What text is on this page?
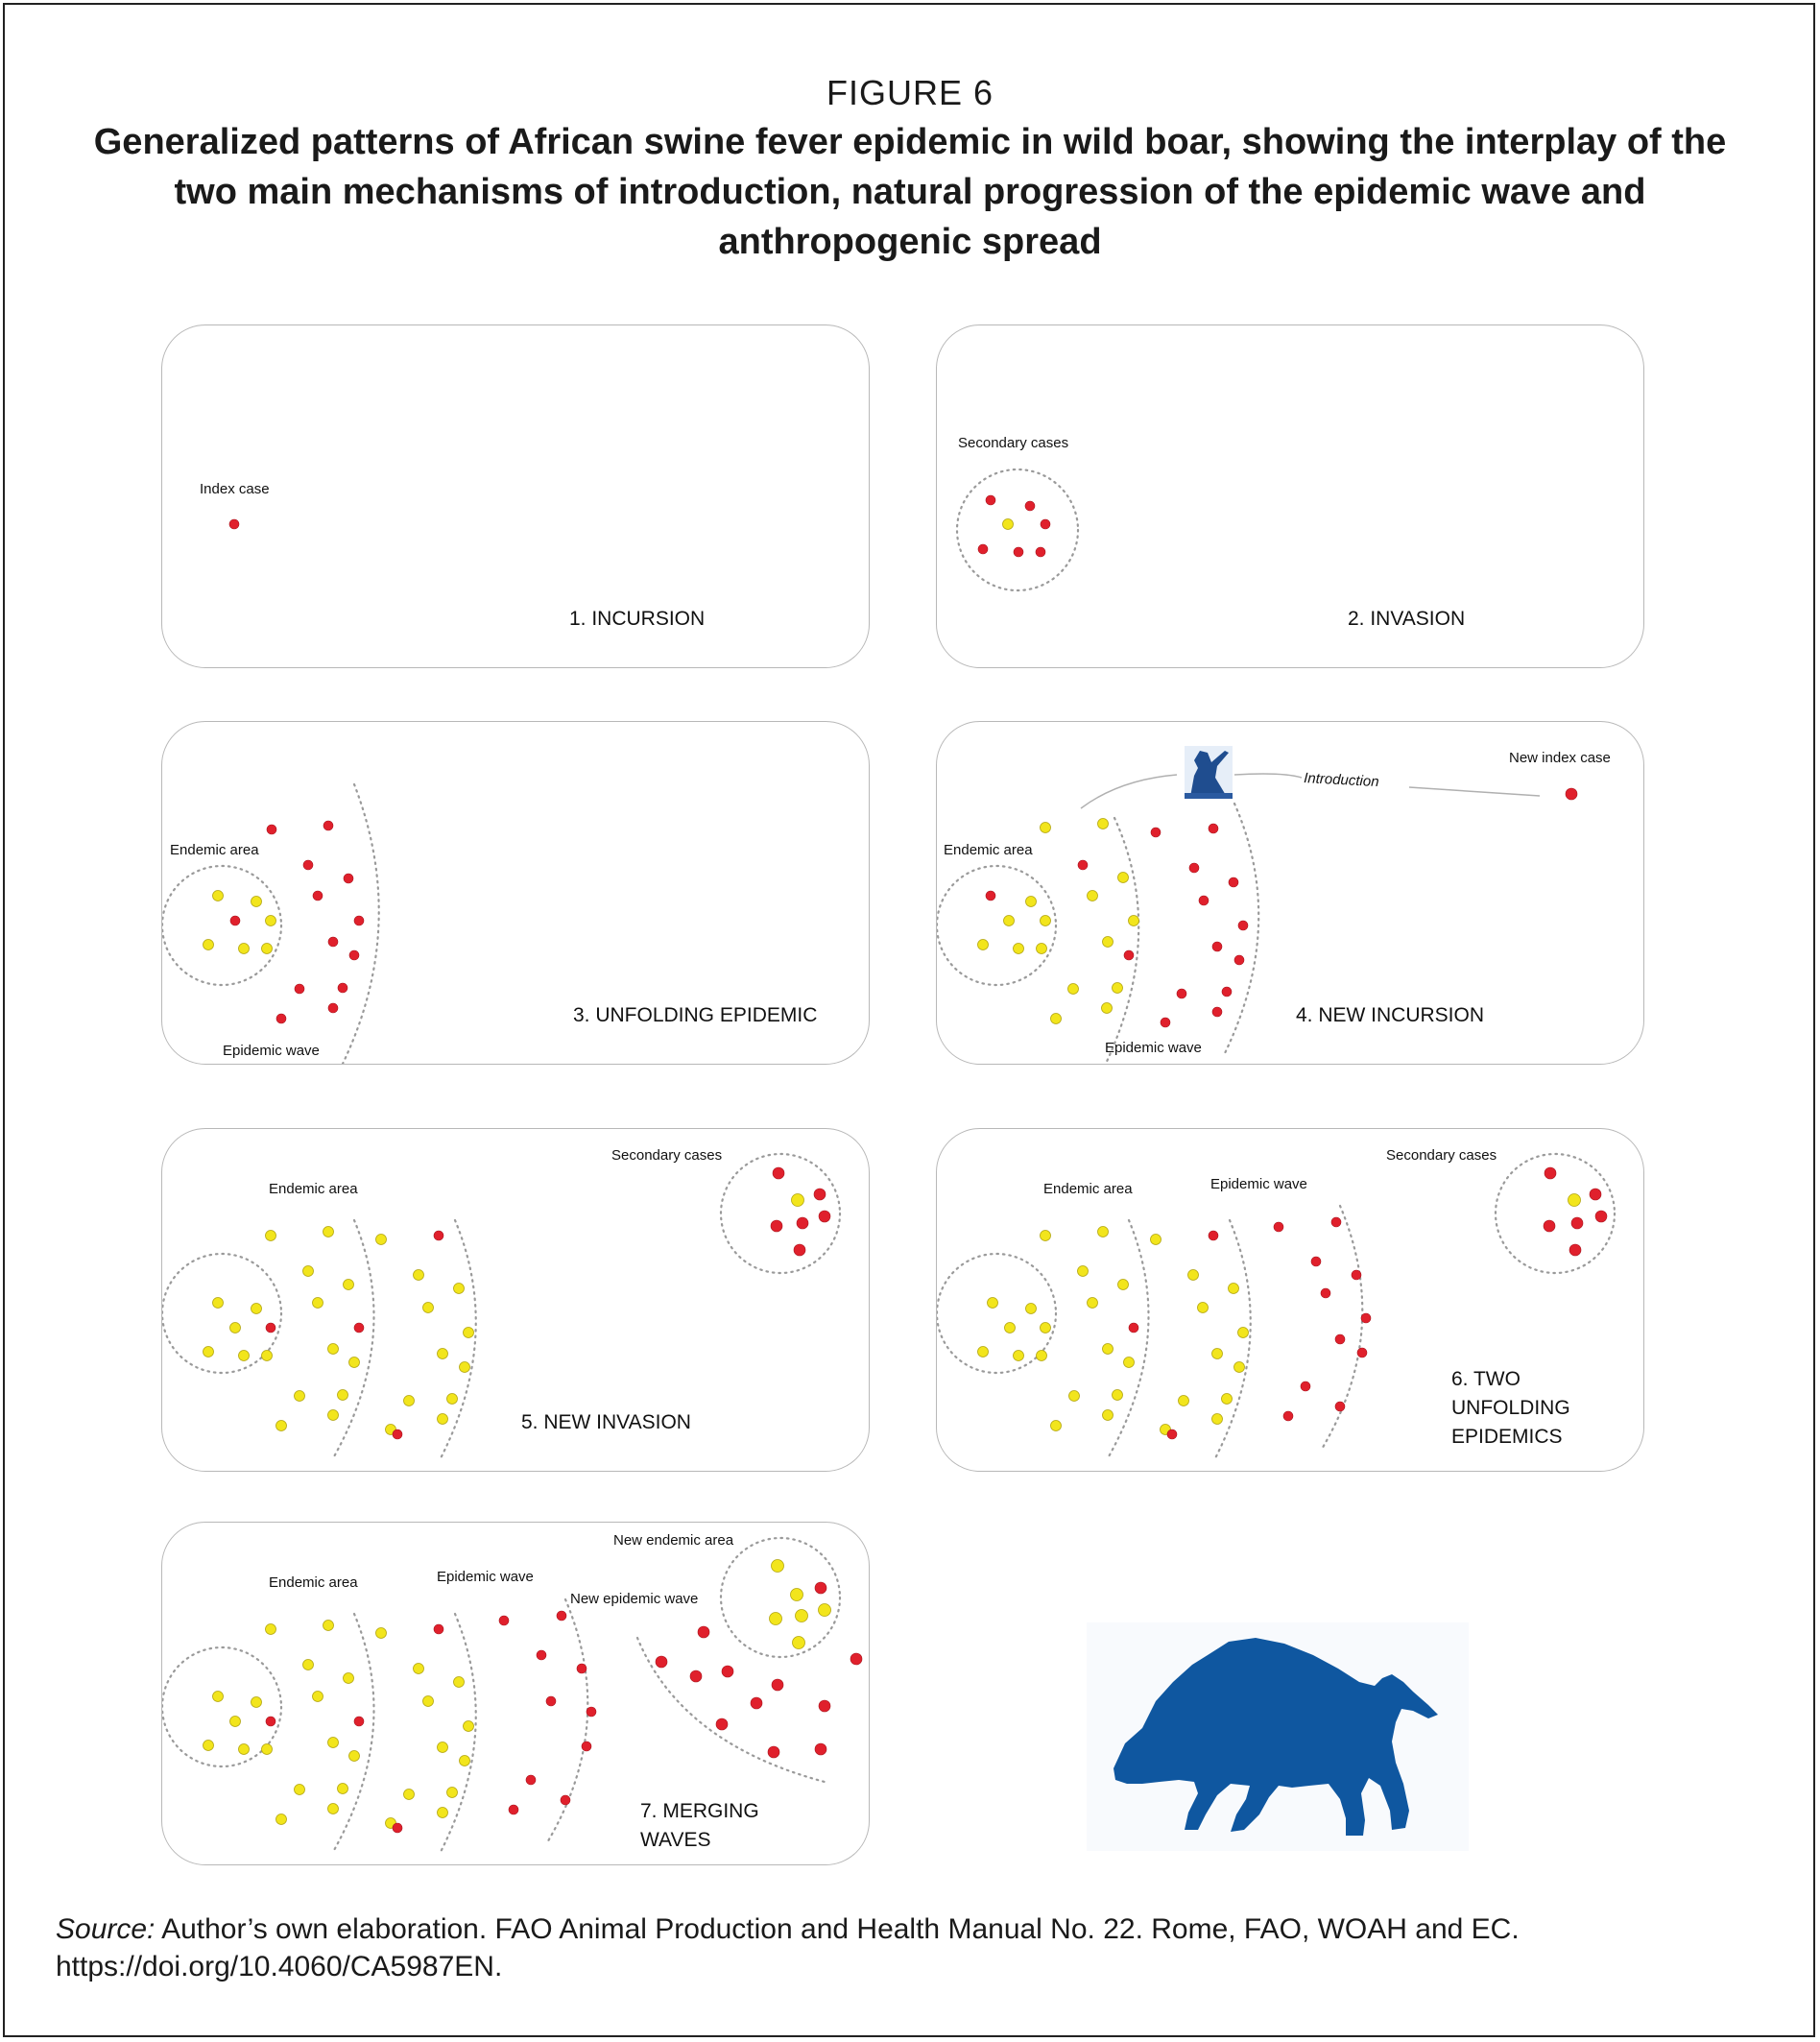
FIGURE 6
Generalized patterns of African swine fever epidemic in wild boar, showing the interplay of the two main mechanisms of introduction, natural progression of the epidemic wave and anthropogenic spread
Index case
1. INCURSION
Secondary cases
2. INVASION
Endemic area
Epidemic wave
3. UNFOLDING EPIDEMIC
Introduction
New index case
Endemic area
Epidemic wave
4. NEW INCURSION
Endemic area
Secondary cases
5. NEW INVASION
Endemic area	Epidemic wave
Secondary cases
6. TWO
UNFOLDING
EPIDEMICS
Endemic area	Epidemic wave
New endemic area
New epidemic wave
7. MERGING
WAVES
Source: Author’s own elaboration. FAO Animal Production and Health Manual No. 22. Rome, FAO, WOAH and EC. https://doi.org/10.4060/CA5987EN.
